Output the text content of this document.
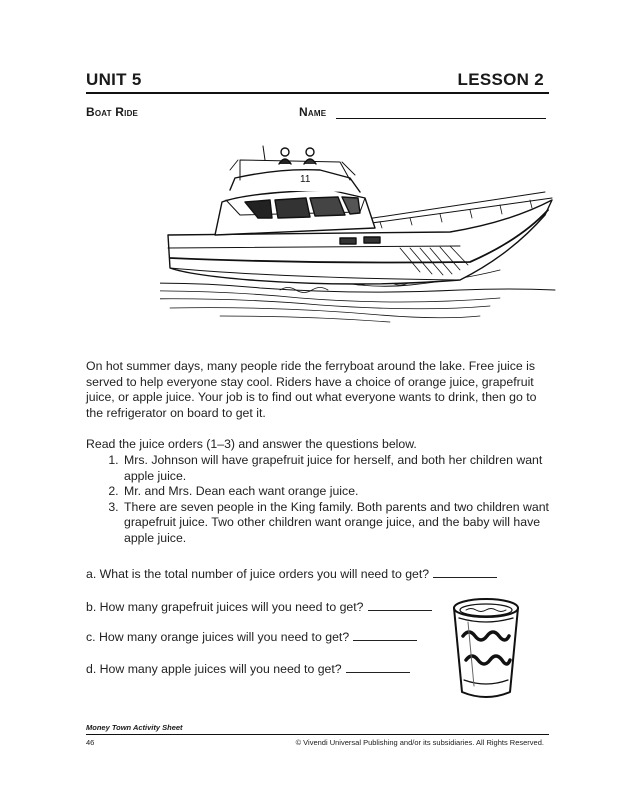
UNIT 5	LESSON 2
Boat Ride	Name
11
On hot summer days, many people ride the ferryboat around the lake. Free juice is served to help everyone stay cool. Riders have a choice of orange juice, grapefruit juice, or apple juice. Your job is to find out what everyone wants to drink, then go to the refrigerator on board to get it.
Read the juice orders (1–3) and answer the questions below.
1. Mrs. Johnson will have grapefruit juice for herself, and both her children want apple juice.
2. Mr. and Mrs. Dean each want orange juice.
3. There are seven people in the King family. Both parents and two children want grapefruit juice. Two other children want orange juice, and the baby will have apple juice.
a. What is the total number of juice orders you will need to get?
b. How many grapefruit juices will you need to get?
c. How many orange juices will you need to get?
d. How many apple juices will you need to get?
Money Town Activity Sheet
46	© Vivendi Universal Publishing and/or its subsidiaries. All Rights Reserved.
